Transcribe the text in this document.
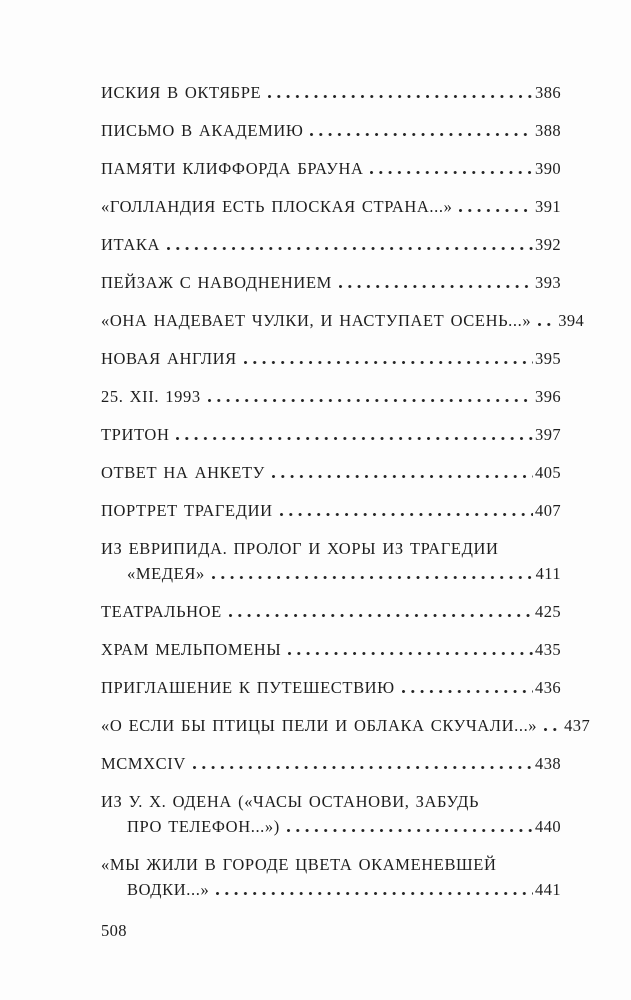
ИСКИЯ В ОКТЯБРЕ	386
ПИСЬМО В АКАДЕМИЮ	388
ПАМЯТИ КЛИФФОРДА БРАУНА	390
«ГОЛЛАНДИЯ ЕСТЬ ПЛОСКАЯ СТРАНА...»	391
ИТАКА	392
ПЕЙЗАЖ С НАВОДНЕНИЕМ	393
«ОНА НАДЕВАЕТ ЧУЛКИ, И НАСТУПАЕТ ОСЕНЬ...» 394
НОВАЯ АНГЛИЯ	395
25. XII. 1993	396
ТРИТОН	397
ОТВЕТ НА АНКЕТУ	405
ПОРТРЕТ ТРАГЕДИИ	407
ИЗ ЕВРИПИДА. ПРОЛОГ И ХОРЫ ИЗ ТРАГЕДИИ
«МЕДЕЯ»	411
ТЕАТРАЛЬНОЕ	425
ХРАМ МЕЛЬПОМЕНЫ	435
ПРИГЛАШЕНИЕ К ПУТЕШЕСТВИЮ	436
«О ЕСЛИ БЫ ПТИЦЫ ПЕЛИ И ОБЛАКА СКУЧАЛИ...» 437
MCMXCIV	438
ИЗ У. Х. ОДЕНА («ЧАСЫ ОСТАНОВИ, ЗАБУДЬ
ПРО ТЕЛЕФОН...»)	440
«МЫ ЖИЛИ В ГОРОДЕ ЦВЕТА ОКАМЕНЕВШЕЙ
ВОДКИ...»	441
508
